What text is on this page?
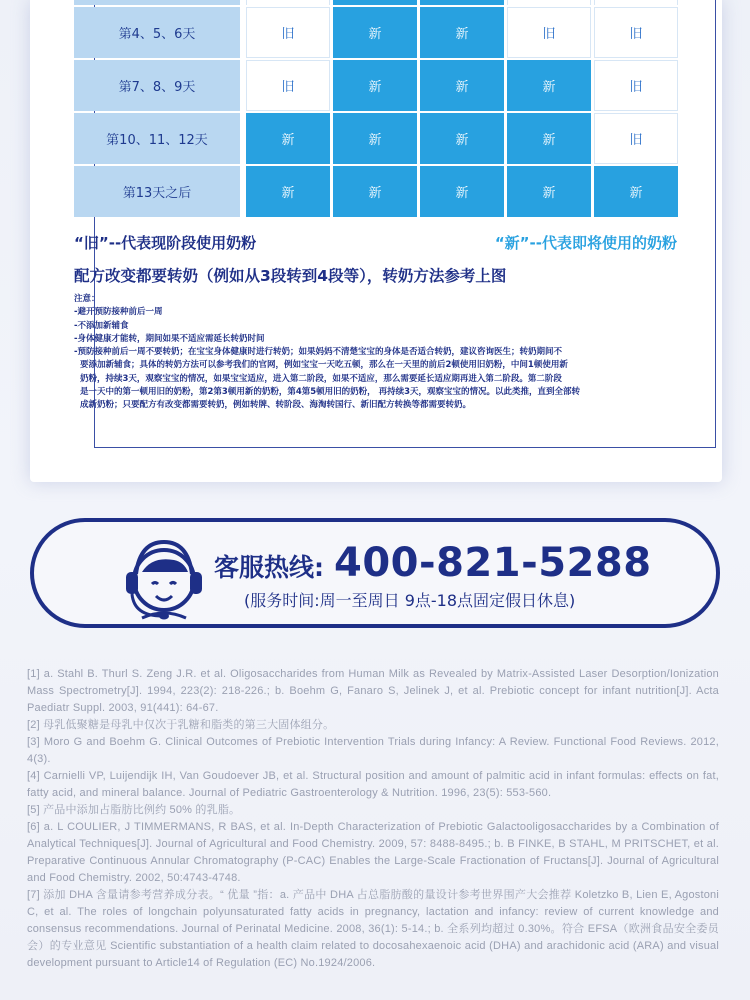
第4、5、6天	旧	新	新	旧	旧
第7、8、9天	旧	新	新	新	旧
第10、11、12天	新	新	新	新	旧
第13天之后	新	新	新	新	新
“旧”--代表现阶段使用奶粉	“新”--代表即将使用的奶粉
配方改变都要转奶（例如从3段转到4段等），转奶方法参考上图
注意：
-避开预防接种前后一周
-不添加新辅食
-身体健康才能转，期间如果不适应需延长转奶时间
-预防接种前后一周不要转奶；在宝宝身体健康时进行转奶；如果妈妈不清楚宝宝的身体是否适合转奶，建议咨询医生；转奶期间不
要添加新辅食；具体的转奶方法可以参考我们的官网，例如宝宝一天吃五顿，那么在一天里的前后2顿使用旧奶粉，中间1顿使用新
奶粉，持续3天，观察宝宝的情况，如果宝宝适应，进入第二阶段，如果不适应，那么需要延长适应期再进入第二阶段。第二阶段
是一天中的第一顿用旧的奶粉，第2第3顿用新的奶粉，第4第5顿用旧的奶粉， 再持续3天，观察宝宝的情况。以此类推，直到全部转
成新奶粉；只要配方有改变都需要转奶，例如转牌、转阶段、海淘转国行、新旧配方转换等都需要转奶。
客服热线: 400-821-5288
(服务时间:周一至周日 9点-18点固定假日休息)

[1] a. Stahl B. Thurl S. Zeng J.R. et al. Oligosaccharides from Human Milk as Revealed by Matrix-Assisted Laser Desorption/Ionization Mass Spectrometry[J]. 1994, 223(2): 218-226.; b. Boehm G, Fanaro S, Jelinek J, et al. Prebiotic concept for infant nutrition[J]. Acta Paediatr Suppl. 2003, 91(441): 64-67.

[2] 母乳低聚糖是母乳中仅次于乳糖和脂类的第三大固体组分。

[3] Moro G and Boehm G. Clinical Outcomes of Prebiotic Intervention Trials during Infancy: A Review. Functional Food Reviews. 2012, 4(3).

[4] Carnielli VP, Luijendijk IH, Van Goudoever JB, et al. Structural position and amount of palmitic acid in infant formulas: effects on fat, fatty acid, and mineral balance. Journal of Pediatric Gastroenterology & Nutrition. 1996, 23(5): 553-560.

[5] 产品中添加占脂肪比例约 50% 的乳脂。

[6] a. L COULIER, J TIMMERMANS, R BAS, et al. In-Depth Characterization of Prebiotic Galactooligosaccharides by a Combination of Analytical Techniques[J]. Journal of Agricultural and Food Chemistry. 2009, 57: 8488-8495.; b. B FINKE, B STAHL, M PRITSCHET, et al. Preparative Continuous Annular Chromatography (P-CAC) Enables the Large-Scale Fractionation of Fructans[J]. Journal of Agricultural and Food Chemistry. 2002, 50:4743-4748.

[7] 添加 DHA 含量请参考营养成分表。“ 优量 ”指：a. 产品中 DHA 占总脂肪酸的量设计参考世界围产大会推荐 Koletzko B, Lien E, Agostoni C, et al. The roles of longchain polyunsaturated fatty acids in pregnancy, lactation and infancy: review of current knowledge and consensus recommendations. Journal of Perinatal Medicine. 2008, 36(1): 5-14.; b. 全系列均超过 0.30%。符合 EFSA（欧洲食品安全委员会）的专业意见 Scientific substantiation of a health claim related to docosahexaenoic acid (DHA) and arachidonic acid (ARA) and visual development pursuant to Article14 of Regulation (EC) No.1924/2006.
